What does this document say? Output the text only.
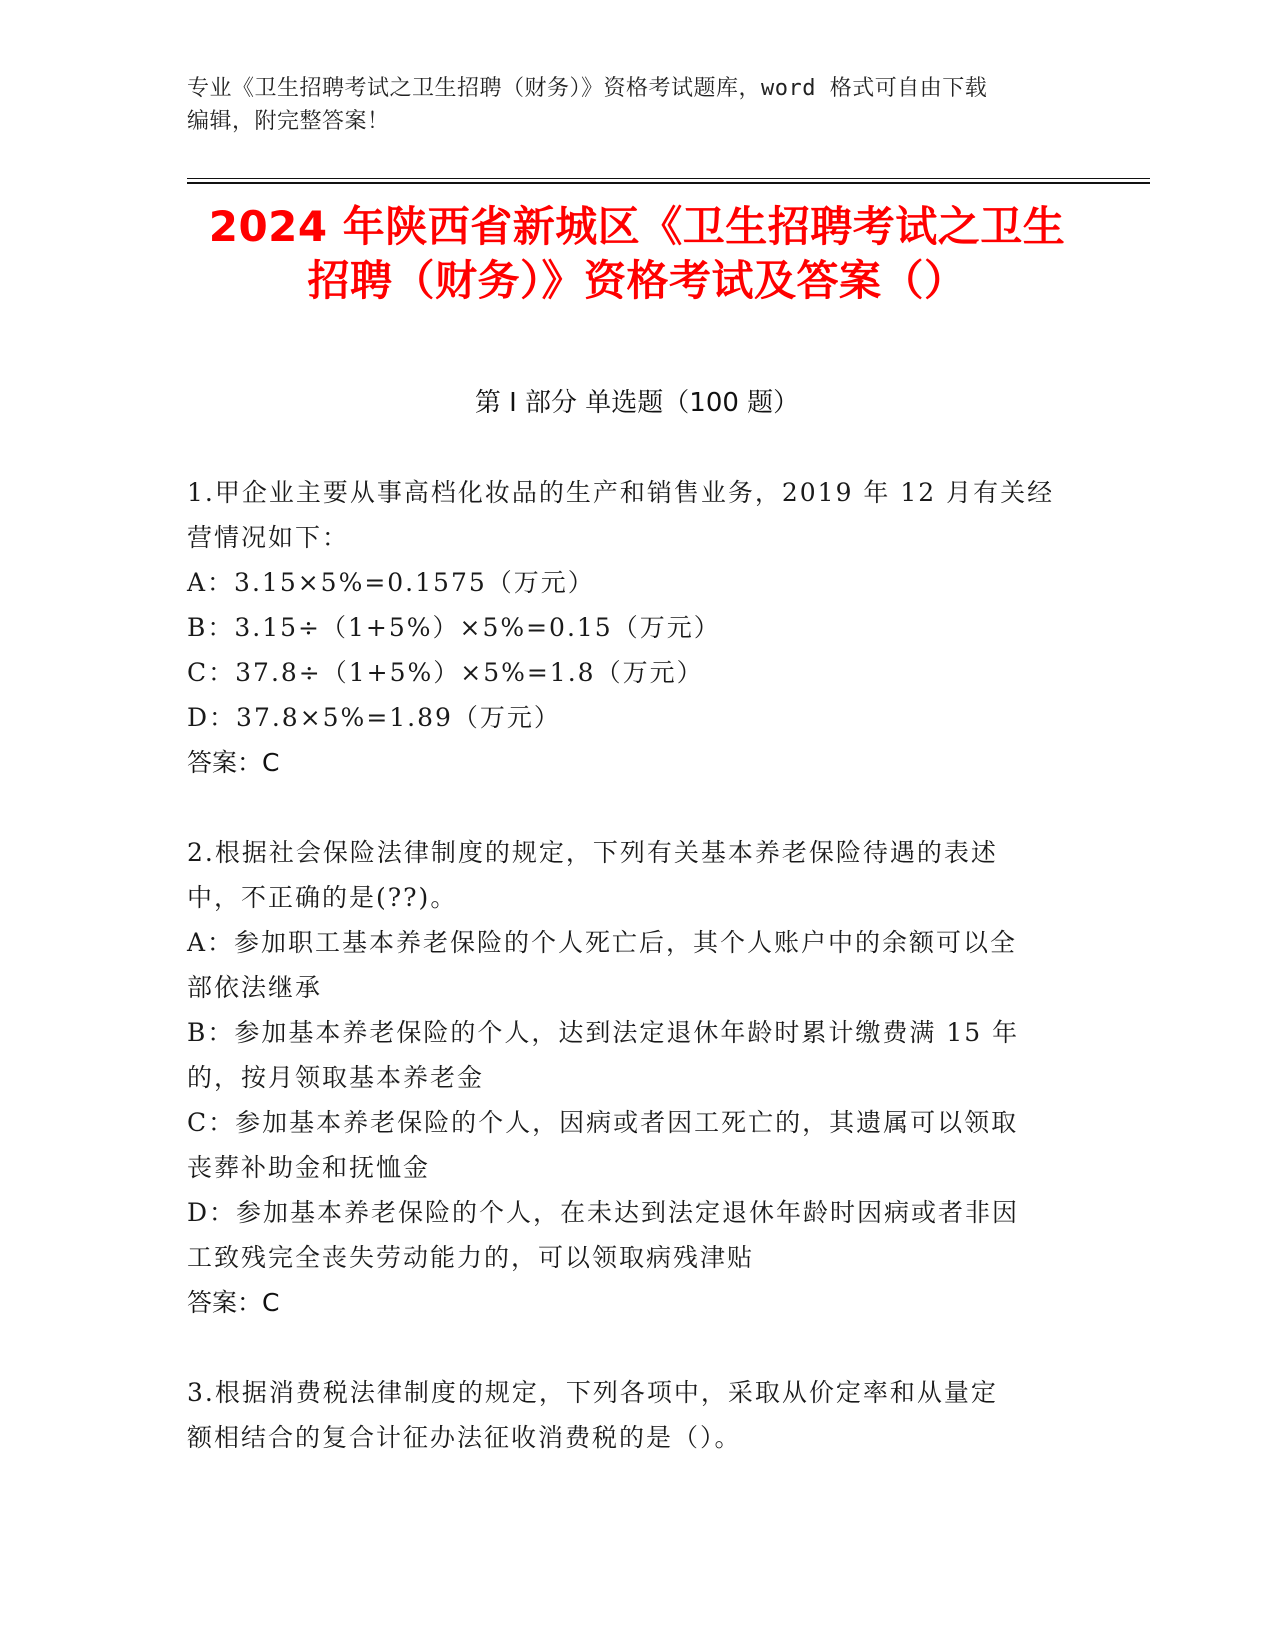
专业《卫生招聘考试之卫生招聘（财务）》资格考试题库，word 格式可自由下载
编辑，附完整答案！
2024 年陕西省新城区《卫生招聘考试之卫生
招聘（财务）》资格考试及答案（）
第 I 部分 单选题（100 题）

1.甲企业主要从事高档化妆品的生产和销售业务，2019 年 12 月有关经

营情况如下：

A：3.15×5%=0.1575（万元）

B：3.15÷（1+5%）×5%=0.15（万元）

C：37.8÷（1+5%）×5%=1.8（万元）

D：37.8×5%=1.89（万元）

答案：C

2.根据社会保险法律制度的规定，下列有关基本养老保险待遇的表述

中，不正确的是(??)。

A：参加职工基本养老保险的个人死亡后，其个人账户中的余额可以全

部依法继承

B：参加基本养老保险的个人，达到法定退休年龄时累计缴费满 15 年

的，按月领取基本养老金

C：参加基本养老保险的个人，因病或者因工死亡的，其遗属可以领取

丧葬补助金和抚恤金

D：参加基本养老保险的个人，在未达到法定退休年龄时因病或者非因

工致残完全丧失劳动能力的，可以领取病残津贴

答案：C

3.根据消费税法律制度的规定，下列各项中，采取从价定率和从量定

额相结合的复合计征办法征收消费税的是（）。
